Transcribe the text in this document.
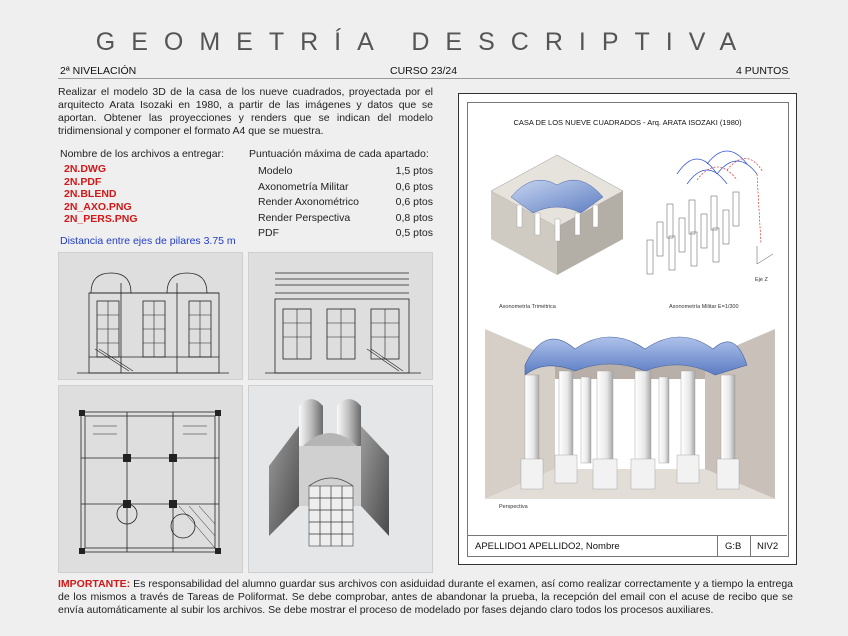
GEOMETRÍA DESCRIPTIVA
2ª NIVELACIÓN	CURSO 23/24	4 PUNTOS
Realizar el modelo 3D de la casa de los nueve cuadrados, proyectada por el arquitecto Arata Isozaki en 1980, a partir de las imágenes y datos que se aportan. Obtener las proyecciones y renders que se indican del modelo tridimensional y componer el formato A4 que se muestra.
Nombre de los archivos a entregar:
2N.DWG
2N.PDF
2N.BLEND
2N_AXO.PNG
2N_PERS.PNG
Distancia entre ejes de pilares 3.75 m
Puntuación máxima de cada apartado:
Modelo	1,5 ptos
Axonometría Militar	0,6 ptos
Render Axonométrico	0,6 ptos
Render Perspectiva	0,8 ptos
PDF	0,5 ptos
CASA DE LOS NUEVE CUADRADOS - Arq. ARATA ISOZAKI (1980)
Axonometría Trimétrica
Eje Z
Axonometría Militar E=1/300
Perspectiva
APELLIDO1 APELLIDO2, Nombre	G:B NIV2
IMPORTANTE: Es responsabilidad del alumno guardar sus archivos con asiduidad durante el examen, así como realizar correctamente y a tiempo la entrega de los mismos a través de Tareas de Poliformat. Se debe comprobar, antes de abandonar la prueba, la recepción del email con el acuse de recibo que se envía automáticamente al subir los archivos. Se debe mostrar el proceso de modelado por fases dejando claro todos los procesos auxiliares.
